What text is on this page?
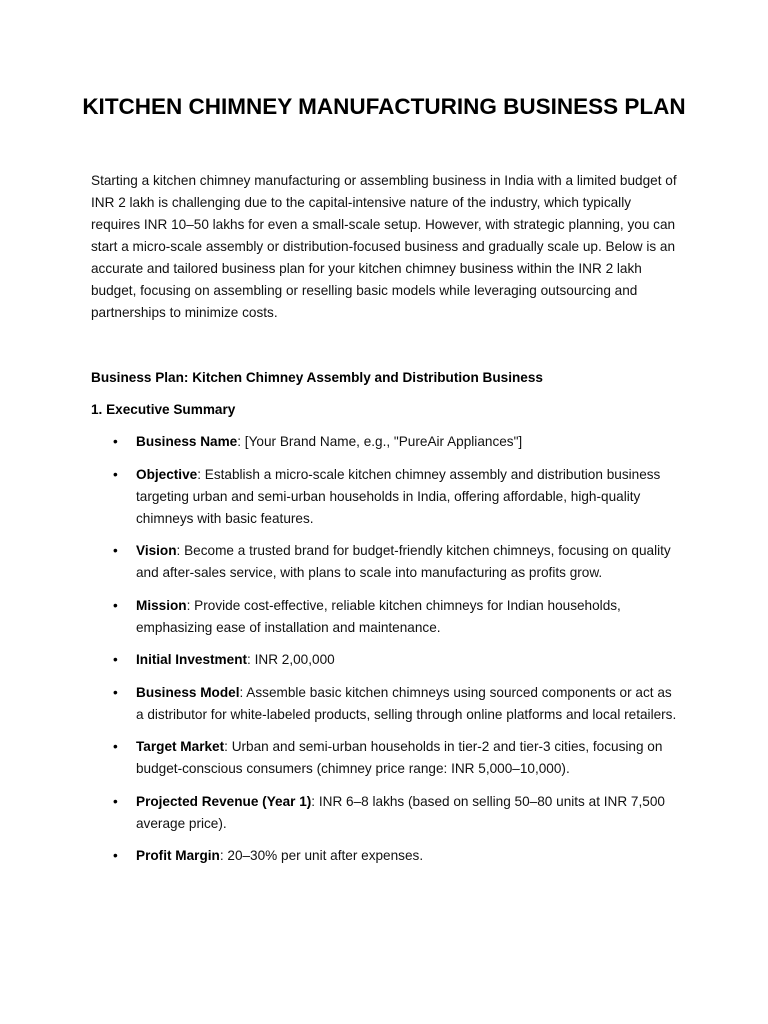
KITCHEN CHIMNEY MANUFACTURING BUSINESS PLAN

Starting a kitchen chimney manufacturing or assembling business in India with a limited budget of INR 2 lakh is challenging due to the capital-intensive nature of the industry, which typically requires INR 10–50 lakhs for even a small-scale setup. However, with strategic planning, you can start a micro-scale assembly or distribution-focused business and gradually scale up. Below is an accurate and tailored business plan for your kitchen chimney business within the INR 2 lakh budget, focusing on assembling or reselling basic models while leveraging outsourcing and partnerships to minimize costs.

Business Plan: Kitchen Chimney Assembly and Distribution Business

1. Executive Summary

• Business Name: [Your Brand Name, e.g., "PureAir Appliances"]
• Objective: Establish a micro-scale kitchen chimney assembly and distribution business targeting urban and semi-urban households in India, offering affordable, high-quality chimneys with basic features.
• Vision: Become a trusted brand for budget-friendly kitchen chimneys, focusing on quality and after-sales service, with plans to scale into manufacturing as profits grow.
• Mission: Provide cost-effective, reliable kitchen chimneys for Indian households, emphasizing ease of installation and maintenance.
• Initial Investment: INR 2,00,000
• Business Model: Assemble basic kitchen chimneys using sourced components or act as a distributor for white-labeled products, selling through online platforms and local retailers.
• Target Market: Urban and semi-urban households in tier-2 and tier-3 cities, focusing on budget-conscious consumers (chimney price range: INR 5,000–10,000).
• Projected Revenue (Year 1): INR 6–8 lakhs (based on selling 50–80 units at INR 7,500 average price).
• Profit Margin: 20–30% per unit after expenses.
